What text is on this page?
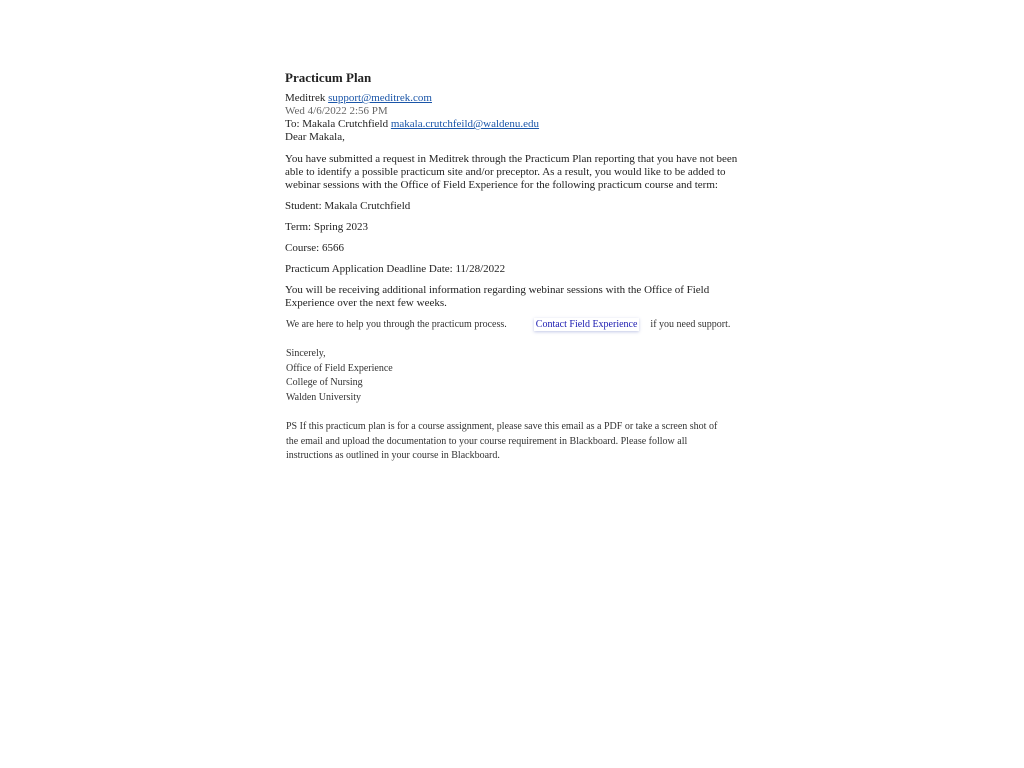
Practicum Plan
Meditrek support@meditrek.com
Wed 4/6/2022 2:56 PM
To: Makala Crutchfield makala.crutchfeild@waldenu.edu
Dear Makala,

You have submitted a request in Meditrek through the Practicum Plan reporting that you have not been able to identify a possible practicum site and/or preceptor. As a result, you would like to be added to webinar sessions with the Office of Field Experience for the following practicum course and term:

Student: Makala Crutchfield

Term: Spring 2023

Course: 6566

Practicum Application Deadline Date: 11/28/2022

You will be receiving additional information regarding webinar sessions with the Office of Field Experience over the next few weeks.

We are here to help you through the practicum process.	Contact Field Experience if you need support.
Sincerely,
Office of Field Experience
College of Nursing
Walden University
PS If this practicum plan is for a course assignment, please save this email as a PDF or take a screen shot of the email and upload the documentation to your course requirement in Blackboard. Please follow all instructions as outlined in your course in Blackboard.
